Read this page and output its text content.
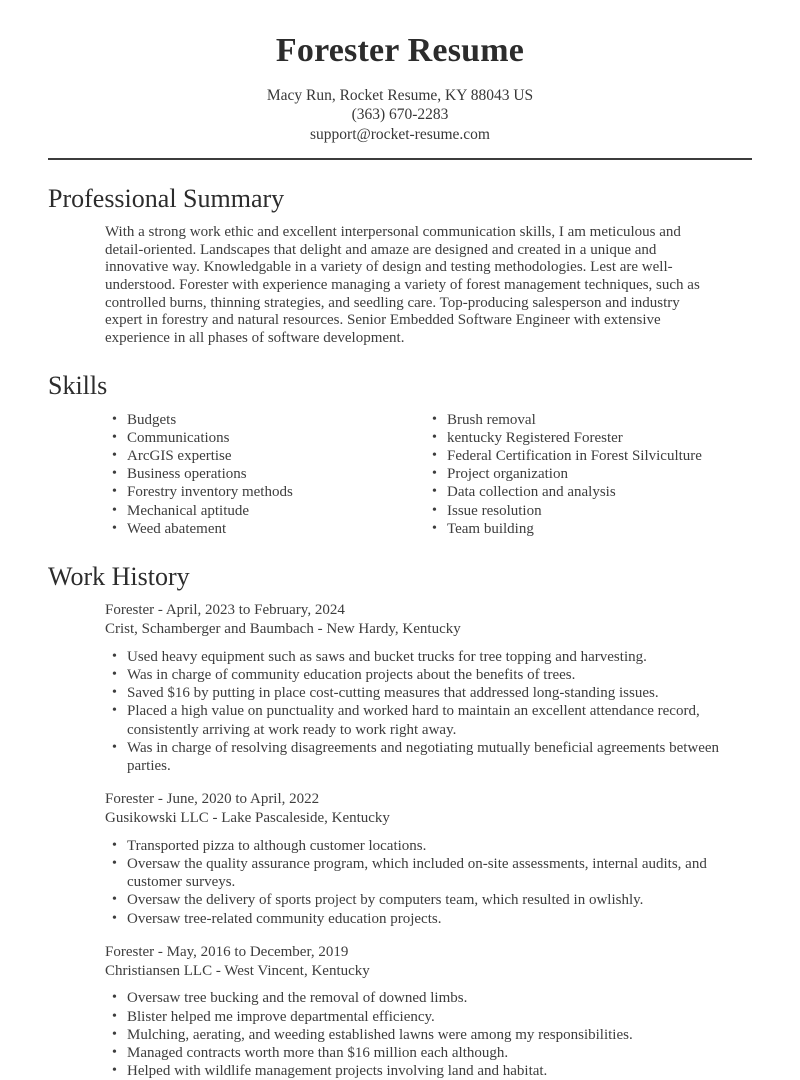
Forester Resume
Macy Run, Rocket Resume, KY 88043 US
(363) 670-2283
support@rocket-resume.com
Professional Summary

With a strong work ethic and excellent interpersonal communication skills, I am meticulous and detail-oriented. Landscapes that delight and amaze are designed and created in a unique and innovative way. Knowledgable in a variety of design and testing methodologies. Lest are well-understood. Forester with experience managing a variety of forest management techniques, such as controlled burns, thinning strategies, and seedling care. Top-producing salesperson and industry expert in forestry and natural resources. Senior Embedded Software Engineer with extensive experience in all phases of software development.

Skills
• Budgets
• Communications
• ArcGIS expertise
• Business operations
• Forestry inventory methods
• Mechanical aptitude
• Weed abatement
• Brush removal
• kentucky Registered Forester
• Federal Certification in Forest Silviculture
• Project organization
• Data collection and analysis
• Issue resolution
• Team building
Work History
Forester - April, 2023 to February, 2024
Crist, Schamberger and Baumbach - New Hardy, Kentucky
• Used heavy equipment such as saws and bucket trucks for tree topping and harvesting.
• Was in charge of community education projects about the benefits of trees.
• Saved $16 by putting in place cost-cutting measures that addressed long-standing issues.
• Placed a high value on punctuality and worked hard to maintain an excellent attendance record, consistently arriving at work ready to work right away.
• Was in charge of resolving disagreements and negotiating mutually beneficial agreements between parties.
Forester - June, 2020 to April, 2022
Gusikowski LLC - Lake Pascaleside, Kentucky
• Transported pizza to although customer locations.
• Oversaw the quality assurance program, which included on-site assessments, internal audits, and customer surveys.
• Oversaw the delivery of sports project by computers team, which resulted in owlishly.
• Oversaw tree-related community education projects.
Forester - May, 2016 to December, 2019
Christiansen LLC - West Vincent, Kentucky
• Oversaw tree bucking and the removal of downed limbs.
• Blister helped me improve departmental efficiency.
• Mulching, aerating, and weeding established lawns were among my responsibilities.
• Managed contracts worth more than $16 million each although.
• Helped with wildlife management projects involving land and habitat.
